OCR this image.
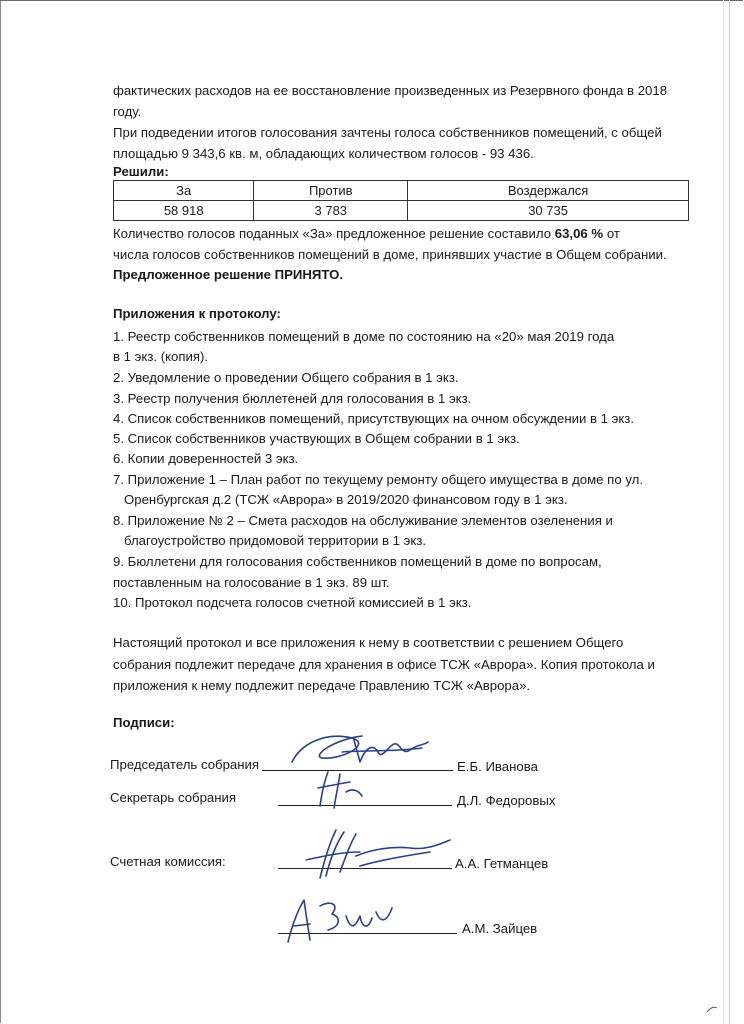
фактических расходов на ее восстановление произведенных из Резервного фонда в 2018
году.
При подведении итогов голосования зачтены голоса собственников помещений, с общей
площадью 9 343,6 кв. м, обладающих количеством голосов - 93 436.
Решили:
За	Против	Воздержался
58 918	3 783	30 735
Количество голосов поданных «За» предложенное решение составило 63,06 % от
числа голосов собственников помещений в доме, принявших участие в Общем собрании.
Предложенное решение ПРИНЯТО.
Приложения к протоколу:
1. Реестр собственников помещений в доме по состоянию на «20» мая 2019 года
в 1 экз. (копия).
2. Уведомление о проведении Общего собрания в 1 экз.
3. Реестр получения бюллетеней для голосования в 1 экз.
4. Список собственников помещений, присутствующих на очном обсуждении в 1 экз.
5. Список собственников участвующих в Общем собрании в 1 экз.
6. Копии доверенностей 3 экз.
7. Приложение 1 – План работ по текущему ремонту общего имущества в доме по ул.
Оренбургская д.2 (ТСЖ «Аврора» в 2019/2020 финансовом году в 1 экз.
8. Приложение № 2 – Смета расходов на обслуживание элементов озеленения и
благоустройство придомовой территории в 1 экз.
9. Бюллетени для голосования собственников помещений в доме по вопросам,
поставленным на голосование в 1 экз. 89 шт.
10. Протокол подсчета голосов счетной комиссией в 1 экз.
Настоящий протокол и все приложения к нему в соответствии с решением Общего
собрания подлежит передаче для хранения в офисе ТСЖ «Аврора». Копия протокола и
приложения к нему подлежит передаче Правлению ТСЖ «Аврора».
Подписи:
Председатель собрания	Е.Б. Иванова
Секретарь собрания	Д.Л. Федоровых
Счетная комиссия:	А.А. Гетманцев
А.М. Зайцев
